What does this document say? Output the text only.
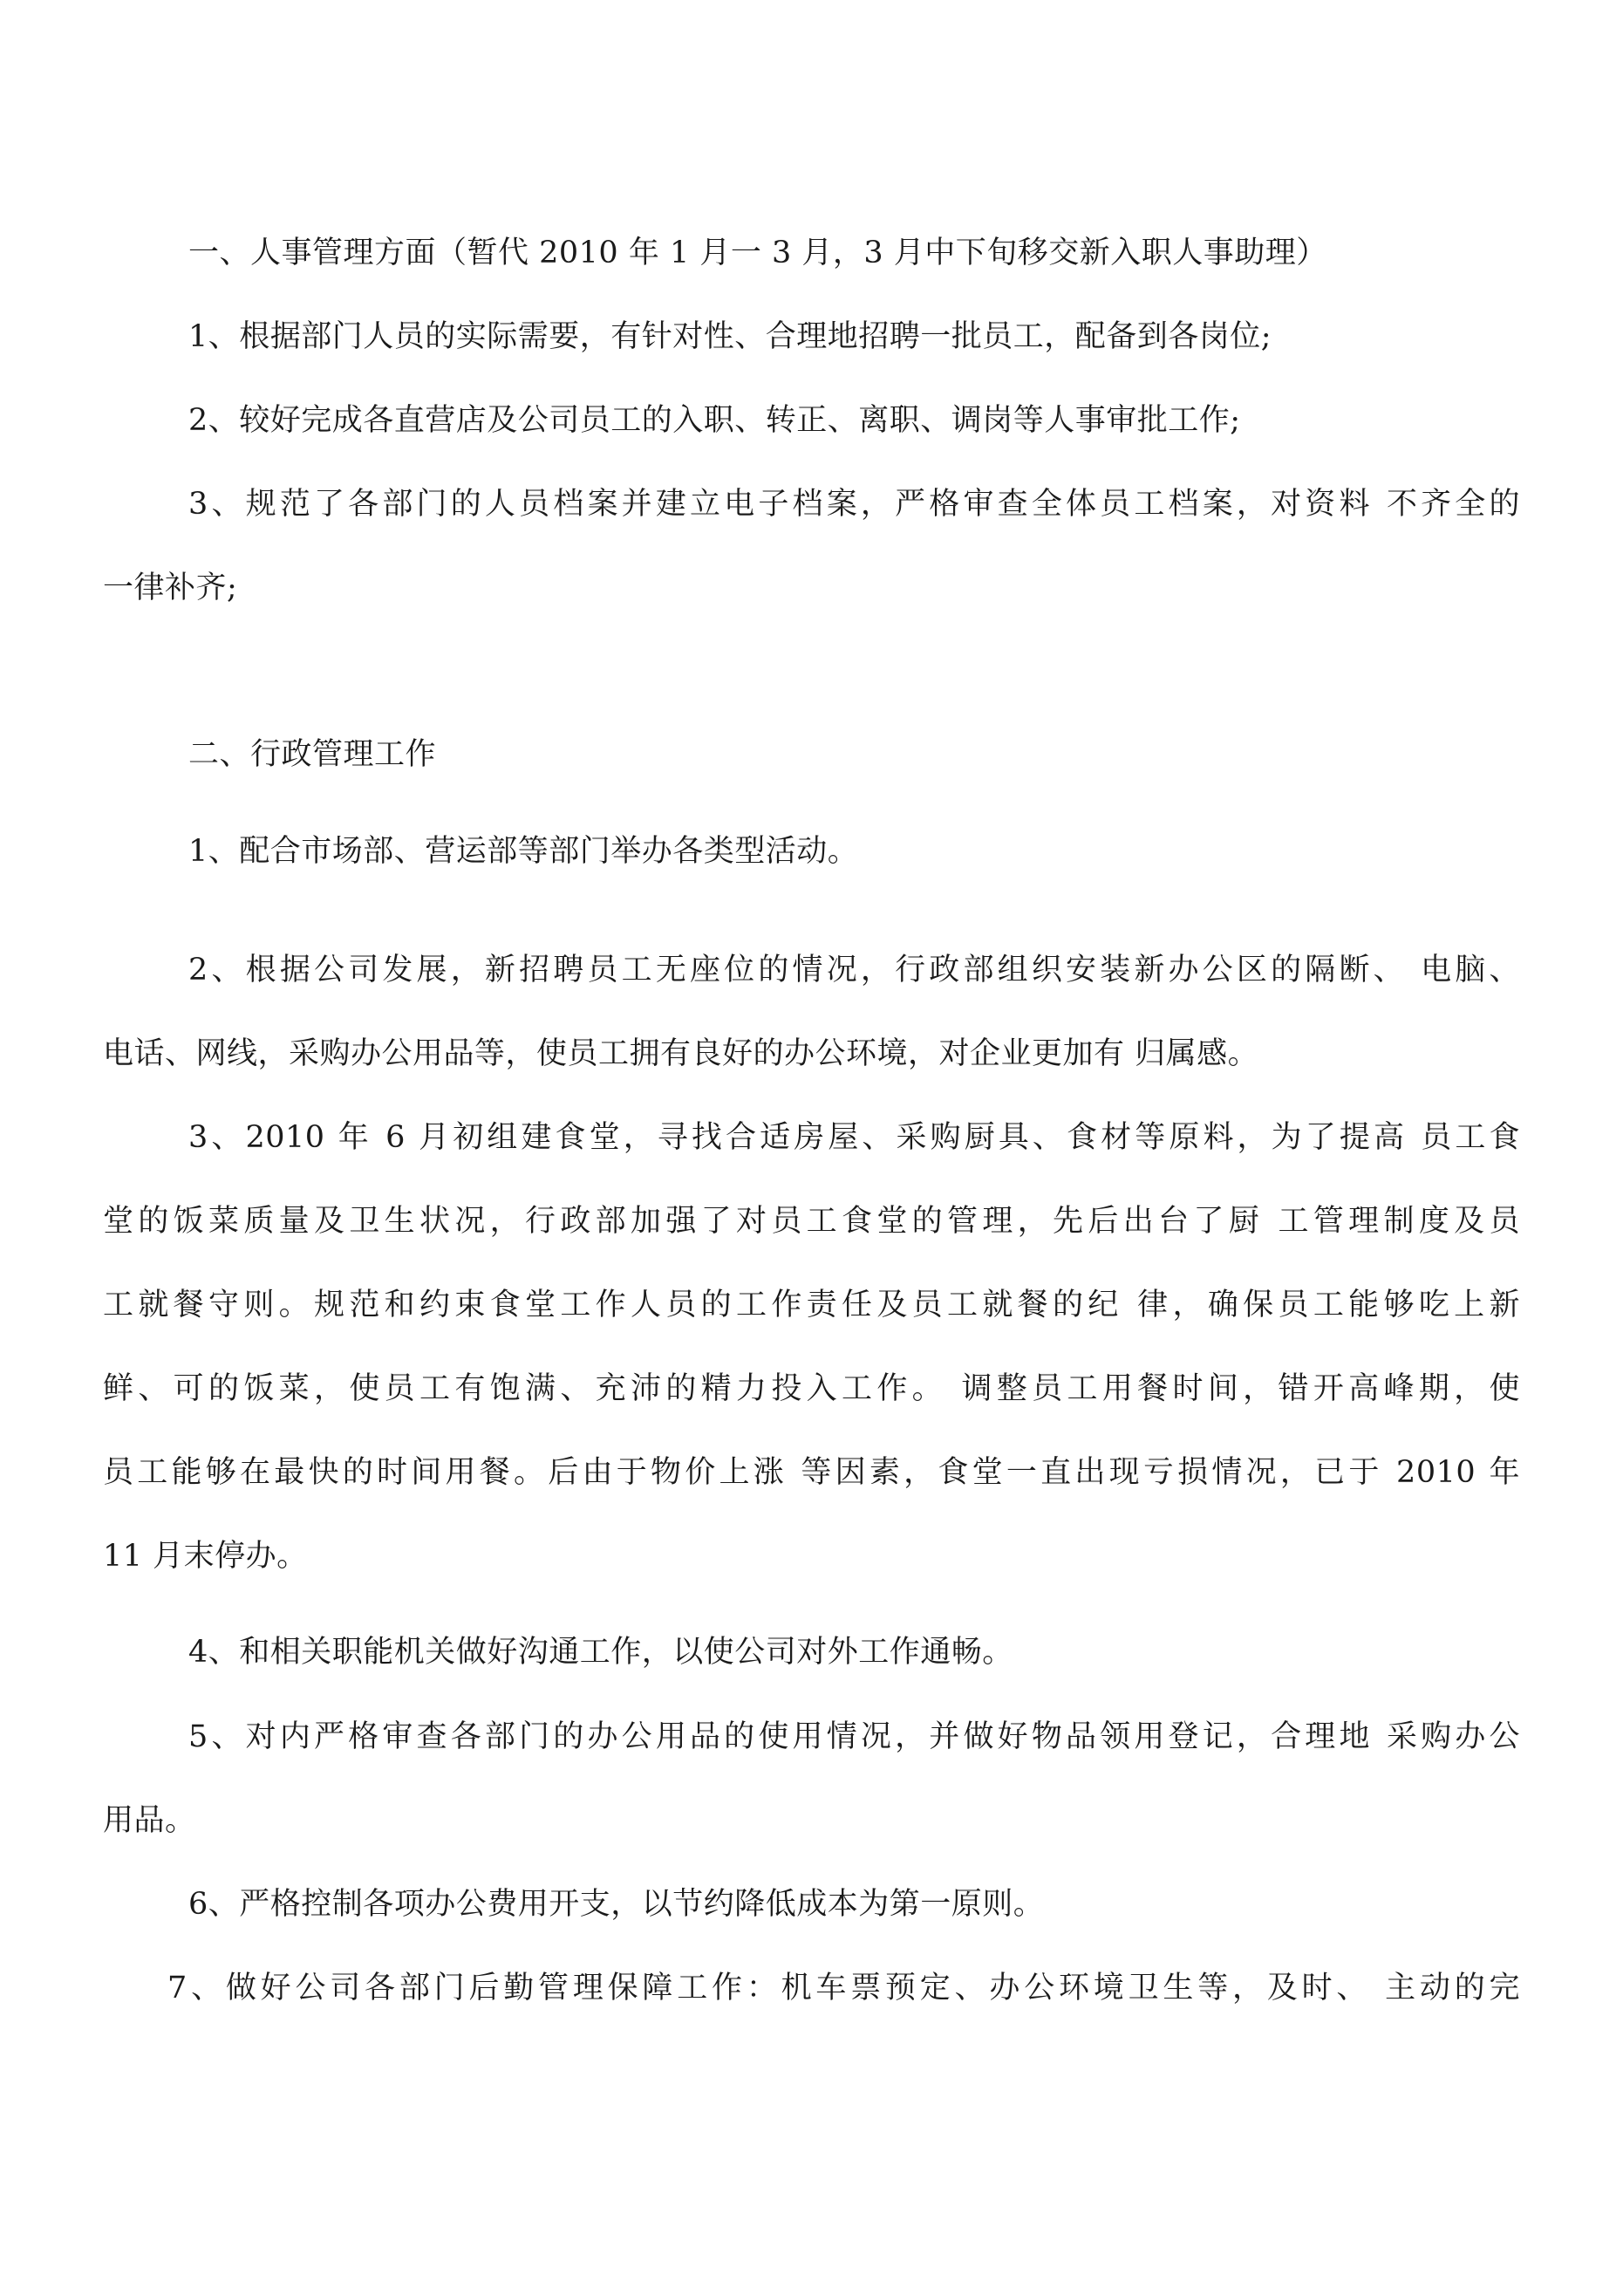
一、人事管理方面（暂代 2010 年 1 月一 3 月，3 月中下旬移交新入职人事助理）
1、根据部门人员的实际需要，有针对性、合理地招聘一批员工，配备到各岗位;
2、较好完成各直营店及公司员工的入职、转正、离职、调岗等人事审批工作;
3、规范了各部门的人员档案并建立电子档案，严格审查全体员工档案，对资料 不齐全的
一律补齐;
二、行政管理工作
1、配合市场部、营运部等部门举办各类型活动。
2、根据公司发展，新招聘员工无座位的情况，行政部组织安装新办公区的隔断、 电脑、
电话、网线，采购办公用品等，使员工拥有良好的办公环境，对企业更加有 归属感。
3、2010 年 6 月初组建食堂，寻找合适房屋、采购厨具、食材等原料，为了提高 员工食
堂的饭菜质量及卫生状况，行政部加强了对员工食堂的管理，先后出台了厨 工管理制度及员
工就餐守则。规范和约束食堂工作人员的工作责任及员工就餐的纪 律，确保员工能够吃上新
鲜、可的饭菜，使员工有饱满、充沛的精力投入工作。 调整员工用餐时间，错开高峰期，使
员工能够在最快的时间用餐。后由于物价上涨 等因素，食堂一直出现亏损情况，已于 2010 年
11 月末停办。
4、和相关职能机关做好沟通工作，以使公司对外工作通畅。
5、对内严格审查各部门的办公用品的使用情况，并做好物品领用登记，合理地 采购办公
用品。
6、严格控制各项办公费用开支，以节约降低成本为第一原则。
7、做好公司各部门后勤管理保障工作：机车票预定、办公环境卫生等，及时、 主动的完
